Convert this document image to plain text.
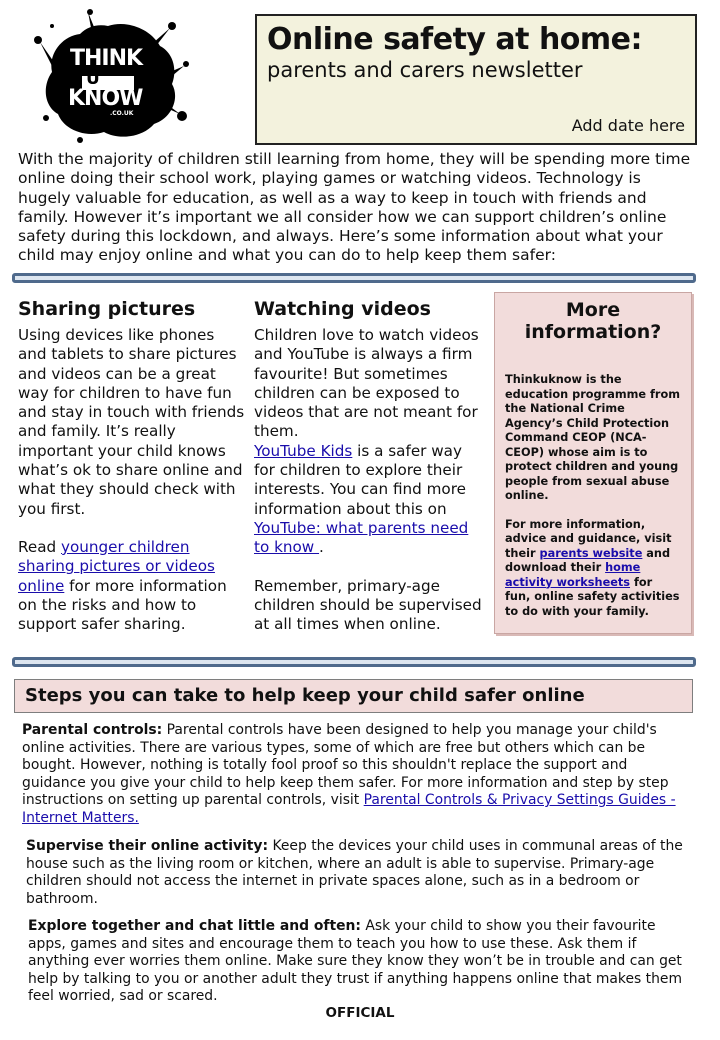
THINK
U
KNOW
.CO.UK
Online safety at home:
parents and carers newsletter
Add date here
With the majority of children still learning from home, they will be spending more time online doing their school work, playing games or watching videos. Technology is hugely valuable for education, as well as a way to keep in touch with friends and family. However it’s important we all consider how we can support children’s online safety during this lockdown, and always. Here’s some information about what your child may enjoy online and what you can do to help keep them safer:
Sharing pictures

Using devices like phones and tablets to share pictures and videos can be a great way for children to have fun and stay in touch with friends and family. It’s really important your child knows what’s ok to share online and what they should check with you first.

Read younger children sharing pictures or videos online for more information on the risks and how to support safer sharing.

Watching videos

Children love to watch videos and YouTube is always a firm favourite! But sometimes children can be exposed to videos that are not meant for them.

YouTube Kids is a safer way for children to explore their interests. You can find more information about this on YouTube: what parents need to know .

Remember, primary-age children should be supervised at all times when online.

More information?

Thinkuknow is the education programme from the National Crime Agency’s Child Protection Command CEOP (NCA-CEOP) whose aim is to protect children and young people from sexual abuse online.

For more information, advice and guidance, visit their parents website and download their home activity worksheets for fun, online safety activities to do with your family.

Steps you can take to help keep your child safer online
Parental controls: Parental controls have been designed to help you manage your child's online activities. There are various types, some of which are free but others which can be bought. However, nothing is totally fool proof so this shouldn't replace the support and guidance you give your child to help keep them safer. For more information and step by step instructions on setting up parental controls, visit Parental Controls & Privacy Settings Guides - Internet Matters.
Supervise their online activity: Keep the devices your child uses in communal areas of the house such as the living room or kitchen, where an adult is able to supervise. Primary-age children should not access the internet in private spaces alone, such as in a bedroom or bathroom.
Explore together and chat little and often: Ask your child to show you their favourite apps, games and sites and encourage them to teach you how to use these. Ask them if anything ever worries them online. Make sure they know they won’t be in trouble and can get help by talking to you or another adult they trust if anything happens online that makes them feel worried, sad or scared.
OFFICIAL
